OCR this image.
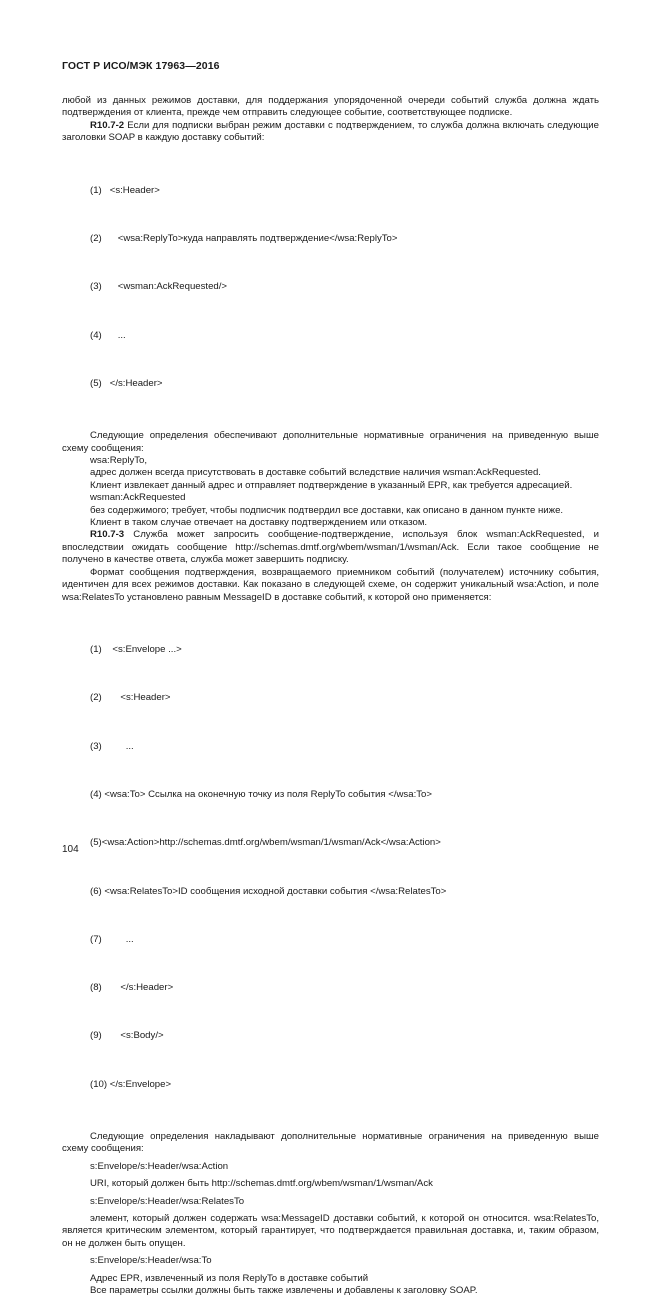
ГОСТ Р ИСО/МЭК 17963—2016

любой из данных режимов доставки, для поддержания упорядоченной очереди событий служба должна ждать подтверждения от клиента, прежде чем отправить следующее событие, соответствующее подписке.

R10.7-2 Если для подписки выбран режим доставки с подтверждением, то служба должна включать следующие заголовки SOAP в каждую доставку событий:

(1)   <s:Header>

(2)      <wsa:ReplyTo>куда направлять подтверждение</wsa:ReplyTo>

(3)      <wsman:AckRequested/>

(4)      ...

(5)   </s:Header>

Следующие определения обеспечивают дополнительные нормативные ограничения на приведенную выше схему сообщения:

wsa:ReplyTo,

адрес должен всегда присутствовать в доставке событий вследствие наличия wsman:AckRequested.

Клиент извлекает данный адрес и отправляет подтверждение в указанный EPR, как требуется адресацией.

wsman:AckRequested

без содержимого; требует, чтобы подписчик подтвердил все доставки, как описано в данном пункте ниже.

Клиент в таком случае отвечает на доставку подтверждением или отказом.

R10.7-3 Служба может запросить сообщение-подтверждение, используя блок wsman:AckRequested, и впоследствии ожидать сообщение http://schemas.dmtf.org/wbem/wsman/1/wsman/Ack. Если такое сообщение не получено в качестве ответа, служба может завершить подписку.

Формат сообщения подтверждения, возвращаемого приемником событий (получателем) источнику события, идентичен для всех режимов доставки. Как показано в следующей схеме, он содержит уникальный wsa:Action, и поле wsa:RelatesTo установлено равным MessageID в доставке событий, к которой оно применяется:

(1)    <s:Envelope ...>

(2)       <s:Header>

(3)         ...

(4) <wsa:To> Ссылка на оконечную точку из поля ReplyTo события </wsa:To>

(5)<wsa:Action>http://schemas.dmtf.org/wbem/wsman/1/wsman/Ack</wsa:Action>

(6) <wsa:RelatesTo>ID сообщения исходной доставки события </wsa:RelatesTo>

(7)         ...

(8)       </s:Header>

(9)       <s:Body/>

(10) </s:Envelope>

Следующие определения накладывают дополнительные нормативные ограничения на приведенную выше схему сообщения:

s:Envelope/s:Header/wsa:Action

URI, который должен быть http://schemas.dmtf.org/wbem/wsman/1/wsman/Ack

s:Envelope/s:Header/wsa:RelatesTo

элемент, который должен содержать wsa:MessageID доставки событий, к которой он относится. wsa:RelatesTo, является критическим элементом, который гарантирует, что подтверждается правильная доставка, и, таким образом, он не должен быть опущен.

s:Envelope/s:Header/wsa:To

Адрес EPR, извлеченный из поля ReplyTo в доставке событий

Все параметры ссылки должны быть также извлечены и добавлены к заголовку SOAP.

104
